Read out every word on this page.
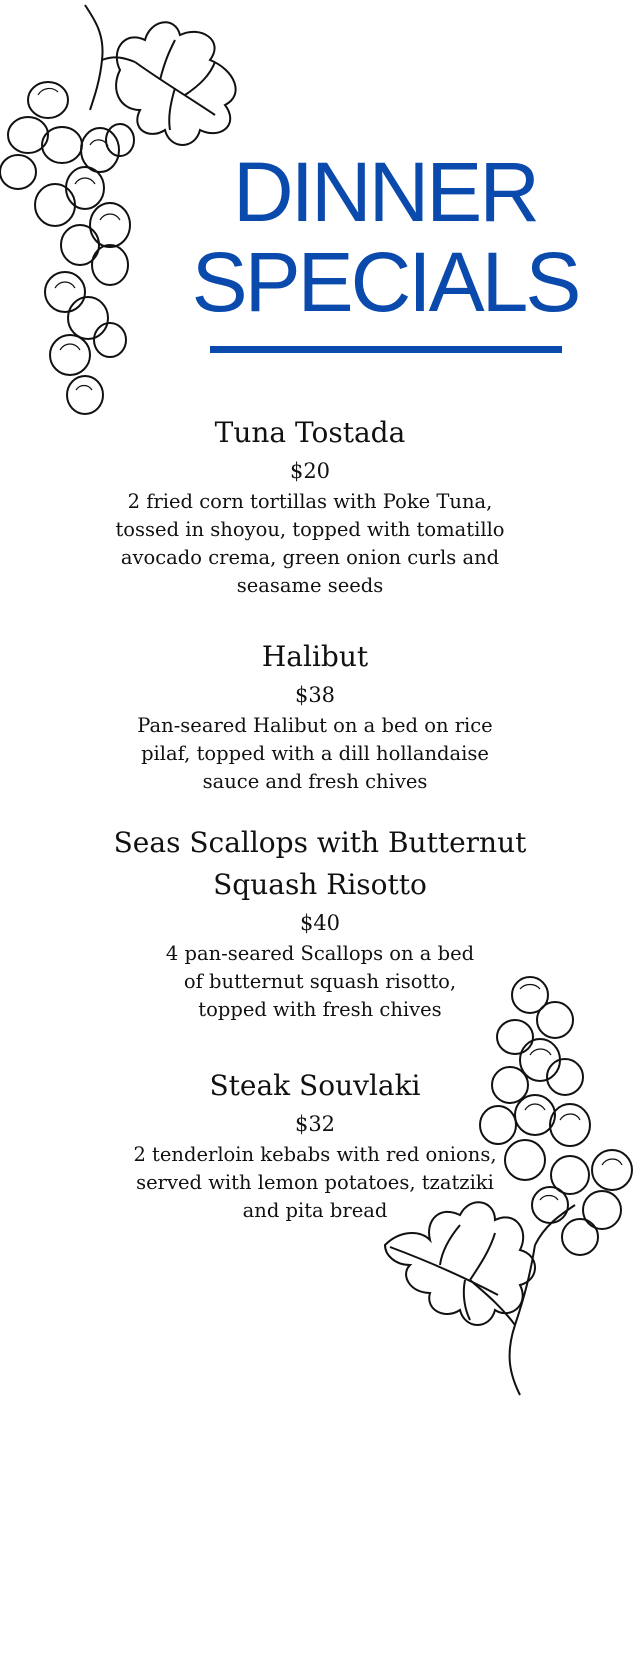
DINNER
SPECIALS
Tuna Tostada
$20
2 fried corn tortillas with Poke Tuna, tossed in shoyou, topped with tomatillo avocado crema, green onion curls and seasame seeds
Halibut
$38
Pan-seared Halibut on a bed on rice pilaf, topped with a dill hollandaise sauce and fresh chives
Seas Scallops with Butternut Squash Risotto
$40
4 pan-seared Scallops on a bed of butternut squash risotto, topped with fresh chives
Steak Souvlaki
$32
2 tenderloin kebabs with red onions, served with lemon potatoes, tzatziki and pita bread
